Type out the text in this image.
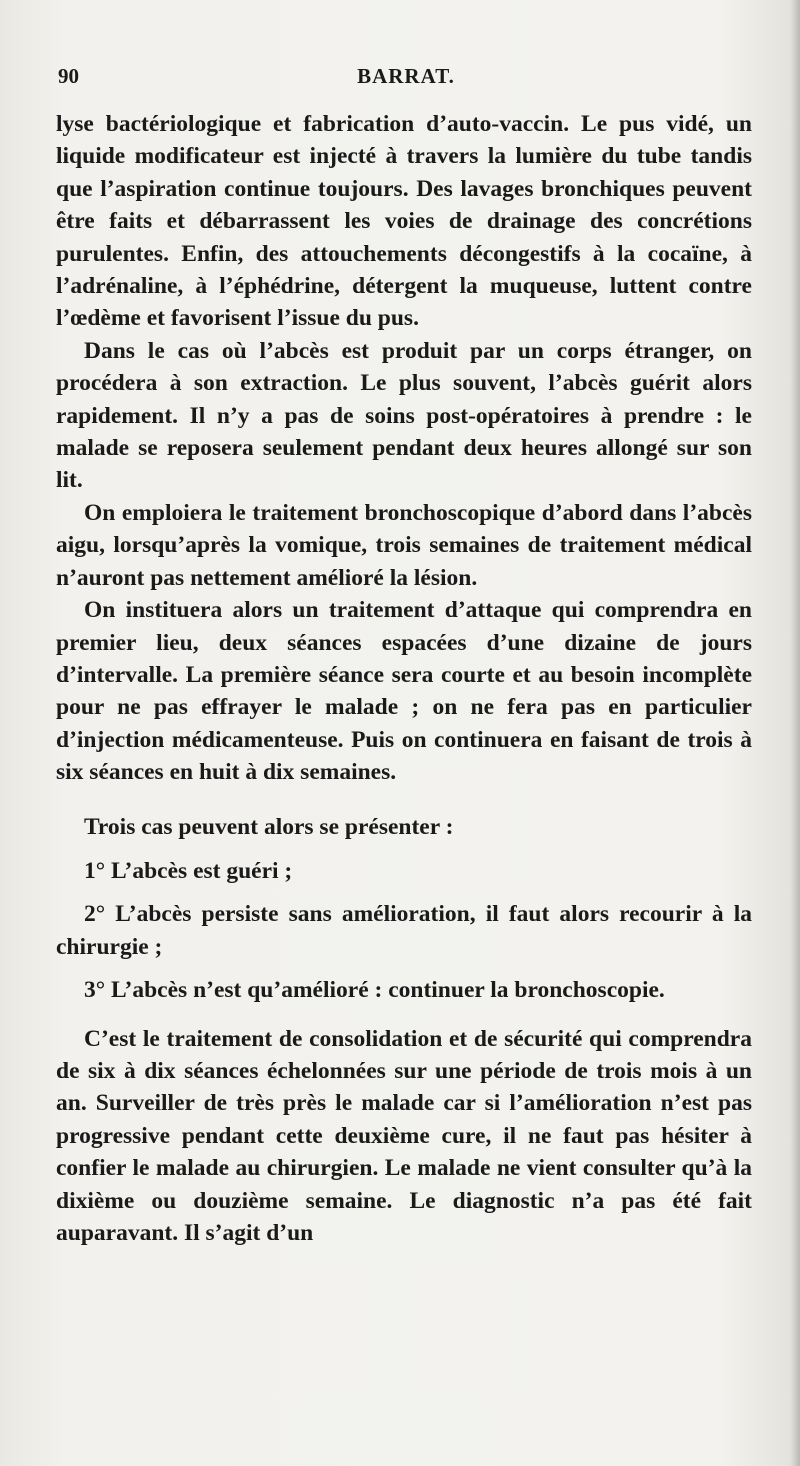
90	BARRAT.

lyse bactériologique et fabrication d’auto-vaccin. Le pus vidé, un liquide modificateur est injecté à travers la lumière du tube tandis que l’aspiration continue toujours. Des lavages bronchiques peuvent être faits et débarrassent les voies de drainage des concrétions purulentes. Enfin, des attouchements décongestifs à la cocaïne, à l’adrénaline, à l’éphédrine, détergent la muqueuse, luttent contre l’œdème et favorisent l’issue du pus.

Dans le cas où l’abcès est produit par un corps étranger, on procédera à son extraction. Le plus souvent, l’abcès guérit alors rapidement. Il n’y a pas de soins post-opératoires à prendre : le malade se reposera seulement pendant deux heures allongé sur son lit.

On emploiera le traitement bronchoscopique d’abord dans l’abcès aigu, lorsqu’après la vomique, trois semaines de traitement médical n’auront pas nettement amélioré la lésion.

On instituera alors un traitement d’attaque qui comprendra en premier lieu, deux séances espacées d’une dizaine de jours d’intervalle. La première séance sera courte et au besoin incomplète pour ne pas effrayer le malade ; on ne fera pas en particulier d’injection médicamenteuse. Puis on continuera en faisant de trois à six séances en huit à dix semaines.

Trois cas peuvent alors se présenter :

1° L’abcès est guéri ;

2° L’abcès persiste sans amélioration, il faut alors recourir à la chirurgie ;

3° L’abcès n’est qu’amélioré : continuer la bronchoscopie.

C’est le traitement de consolidation et de sécurité qui comprendra de six à dix séances échelonnées sur une période de trois mois à un an. Surveiller de très près le malade car si l’amélioration n’est pas progressive pendant cette deuxième cure, il ne faut pas hésiter à confier le malade au chirurgien. Le malade ne vient consulter qu’à la dixième ou douzième semaine. Le diagnostic n’a pas été fait auparavant. Il s’agit d’un
